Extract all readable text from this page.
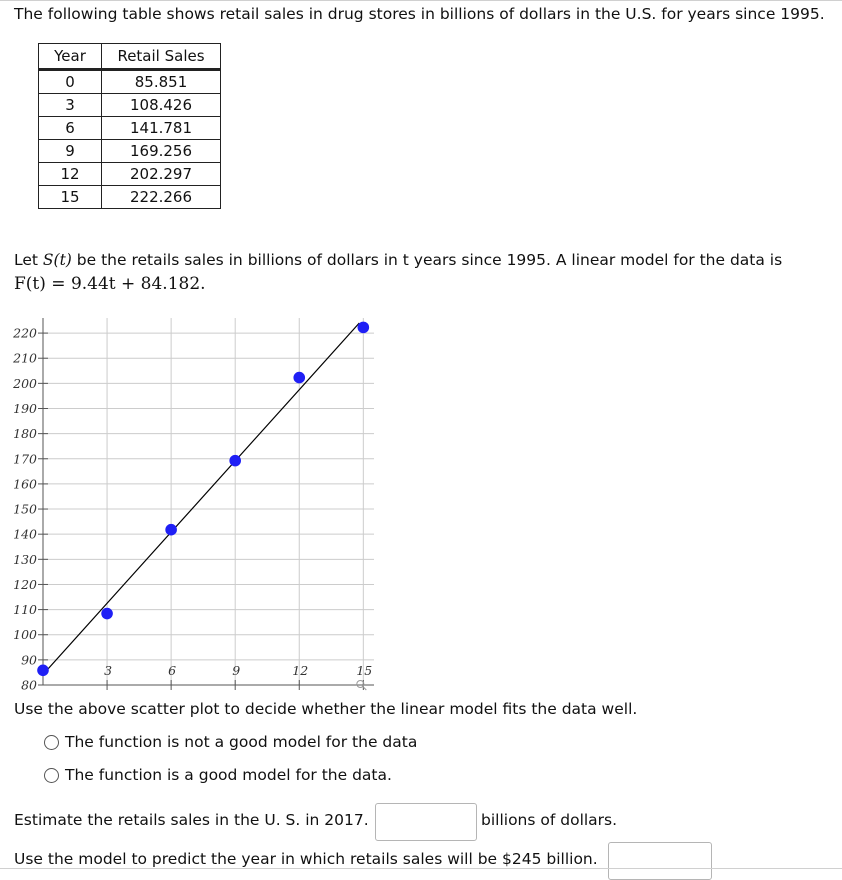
The following table shows retail sales in drug stores in billions of dollars in the U.S. for years since 1995.
Year	Retail Sales
0	85.851
3	108.426
6	141.781
9	169.256
12	202.297
15	222.266
Let S(t) be the retails sales in billions of dollars in t years since 1995. A linear model for the data is
F(t) = 9.44t + 84.182.
80
90
100
110
120
130
140
150
160
170
180
190
200
210
220
3	6	9	12	15
Use the above scatter plot to decide whether the linear model fits the data well.
The function is not a good model for the data
The function is a good model for the data.
Estimate the retails sales in the U. S. in 2017.	billions of dollars.
Use the model to predict the year in which retails sales will be $245 billion.
